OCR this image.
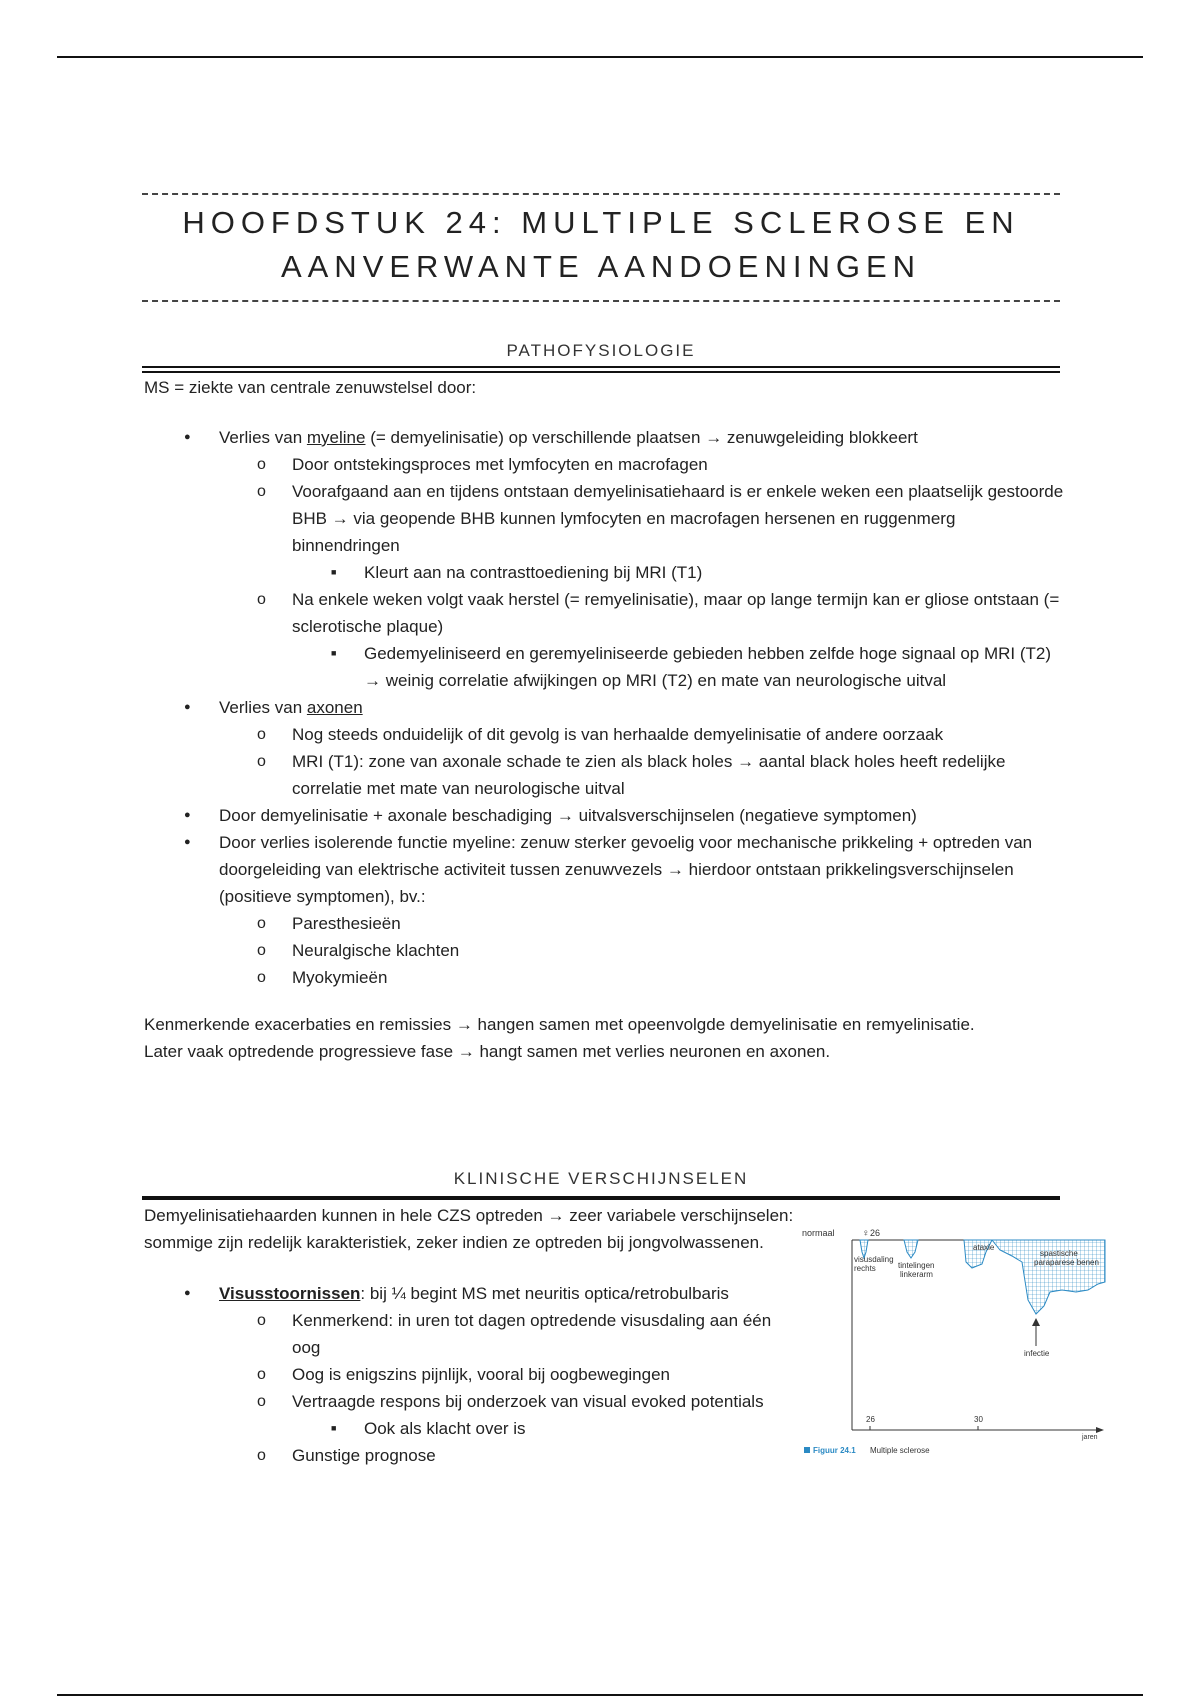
HOOFDSTUK 24: MULTIPLE SCLEROSE EN
AANVERWANTE AANDOENINGEN
PATHOFYSIOLOGIE

MS = ziekte van centrale zenuwstelsel door:

● Verlies van myeline (= demyelinisatie) op verschillende plaatsen → zenuwgeleiding blokkeert
o Door ontstekingsproces met lymfocyten en macrofagen
o Voorafgaand aan en tijdens ontstaan demyelinisatiehaard is er enkele weken een plaatselijk gestoorde BHB → via geopende BHB kunnen lymfocyten en macrofagen hersenen en ruggenmerg binnendringen
■ Kleurt aan na contrasttoediening bij MRI (T1)
o Na enkele weken volgt vaak herstel (= remyelinisatie), maar op lange termijn kan er gliose ontstaan (= sclerotische plaque)
■ Gedemyeliniseerd en geremyeliniseerde gebieden hebben zelfde hoge signaal op MRI (T2) → weinig correlatie afwijkingen op MRI (T2) en mate van neurologische uitval
● Verlies van axonen
o Nog steeds onduidelijk of dit gevolg is van herhaalde demyelinisatie of andere oorzaak
o MRI (T1): zone van axonale schade te zien als black holes → aantal black holes heeft redelijke correlatie met mate van neurologische uitval
● Door demyelinisatie + axonale beschadiging → uitvalsverschijnselen (negatieve symptomen)
● Door verlies isolerende functie myeline: zenuw sterker gevoelig voor mechanische prikkeling + optreden van doorgeleiding van elektrische activiteit tussen zenuwvezels → hierdoor ontstaan prikkelingsverschijnselen (positieve symptomen), bv.:
o Paresthesieën
o Neuralgische klachten
o Myokymieën

Kenmerkende exacerbaties en remissies → hangen samen met opeenvolgde demyelinisatie en remyelinisatie.

Later vaak optredende progressieve fase → hangt samen met verlies neuronen en axonen.

KLINISCHE VERSCHIJNSELEN

Demyelinisatiehaarden kunnen in hele CZS optreden → zeer variabele verschijnselen: sommige zijn redelijk karakteristiek, zeker indien ze optreden bij jongvolwassenen.

● Visusstoornissen: bij ¼ begint MS met neuritis optica/retrobulbaris
o Kenmerkend: in uren tot dagen optredende visusdaling aan één oog
o Oog is enigszins pijnlijk, vooral bij oogbewegingen
o Vertraagde respons bij onderzoek van visual evoked potentials
■ Ook als klacht over is
o Gunstige prognose
normaal	♀ 26
visusdaling
rechts	tintelingen
linkerarm
ataxie
spastische
paraparese benen
infectie
26	30
jaren
Figuur 24.1 Multiple sclerose
